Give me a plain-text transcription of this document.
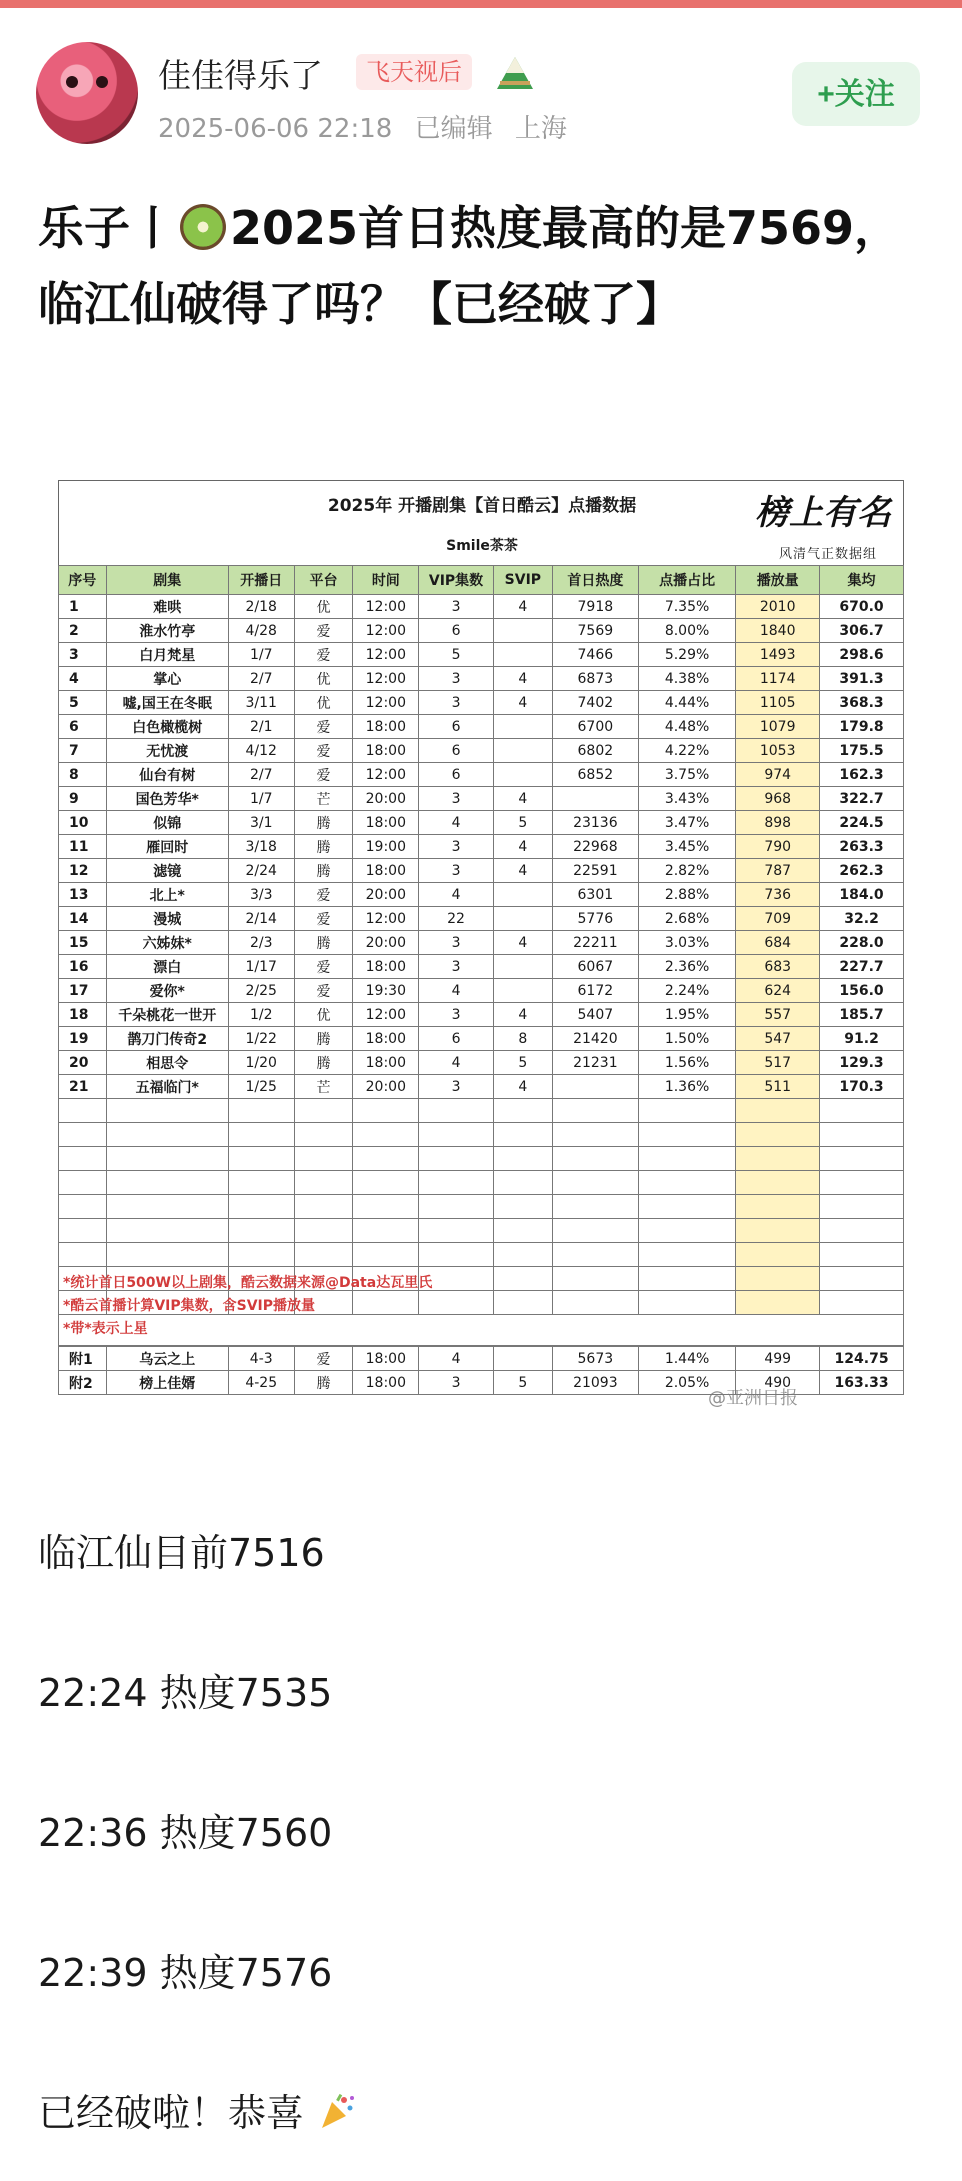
佳佳得乐了	飞天视后
2025-06-06 22:18 已编辑 上海
+关注
乐子丨 2025首日热度最高的是7569，临江仙破得了吗？【已经破了】
2025年 开播剧集【首日酷云】点播数据
Smile茶茶
榜上有名
风清气正数据组
序号	剧集	开播日	平台	时间	VIP集数	SVIP	首日热度	点播占比	播放量	集均
1	难哄	2/18	优	12:00	3	4	7918	7.35%	2010	670.0
2	淮水竹亭	4/28	爱	12:00	6		7569	8.00%	1840	306.7
3	白月梵星	1/7	爱	12:00	5		7466	5.29%	1493	298.6
4	掌心	2/7	优	12:00	3	4	6873	4.38%	1174	391.3
5	嘘,国王在冬眠	3/11	优	12:00	3	4	7402	4.44%	1105	368.3
6	白色橄榄树	2/1	爱	18:00	6		6700	4.48%	1079	179.8
7	无忧渡	4/12	爱	18:00	6		6802	4.22%	1053	175.5
8	仙台有树	2/7	爱	12:00	6		6852	3.75%	974	162.3
9	国色芳华*	1/7	芒	20:00	3	4		3.43%	968	322.7
10	似锦	3/1	腾	18:00	4	5	23136	3.47%	898	224.5
11	雁回时	3/18	腾	19:00	3	4	22968	3.45%	790	263.3
12	滤镜	2/24	腾	18:00	3	4	22591	2.82%	787	262.3
13	北上*	3/3	爱	20:00	4		6301	2.88%	736	184.0
14	漫城	2/14	爱	12:00	22		5776	2.68%	709	32.2
15	六姊妹*	2/3	腾	20:00	3	4	22211	3.03%	684	228.0
16	漂白	1/17	爱	18:00	3		6067	2.36%	683	227.7
17	爱你*	2/25	爱	19:30	4		6172	2.24%	624	156.0
18	千朵桃花一世开	1/2	优	12:00	3	4	5407	1.95%	557	185.7
19	鹊刀门传奇2	1/22	腾	18:00	6	8	21420	1.50%	547	91.2
20	相思令	1/20	腾	18:00	4	5	21231	1.56%	517	129.3
21	五福临门*	1/25	芒	20:00	3	4		1.36%	511	170.3

*统计首日500W以上剧集，酷云数据来源@Data达瓦里氏
*酷云首播计算VIP集数，含SVIP播放量
*带*表示上星
附1	乌云之上	4-3	爱	18:00	4		5673	1.44%	499	124.75
附2	榜上佳婿	4-25	腾	18:00	3	5	21093	2.05%	490	163.33
@亚洲日报
临江仙目前7516
22:24 热度7535
22:36 热度7560
22:39 热度7576
已经破啦！恭喜
